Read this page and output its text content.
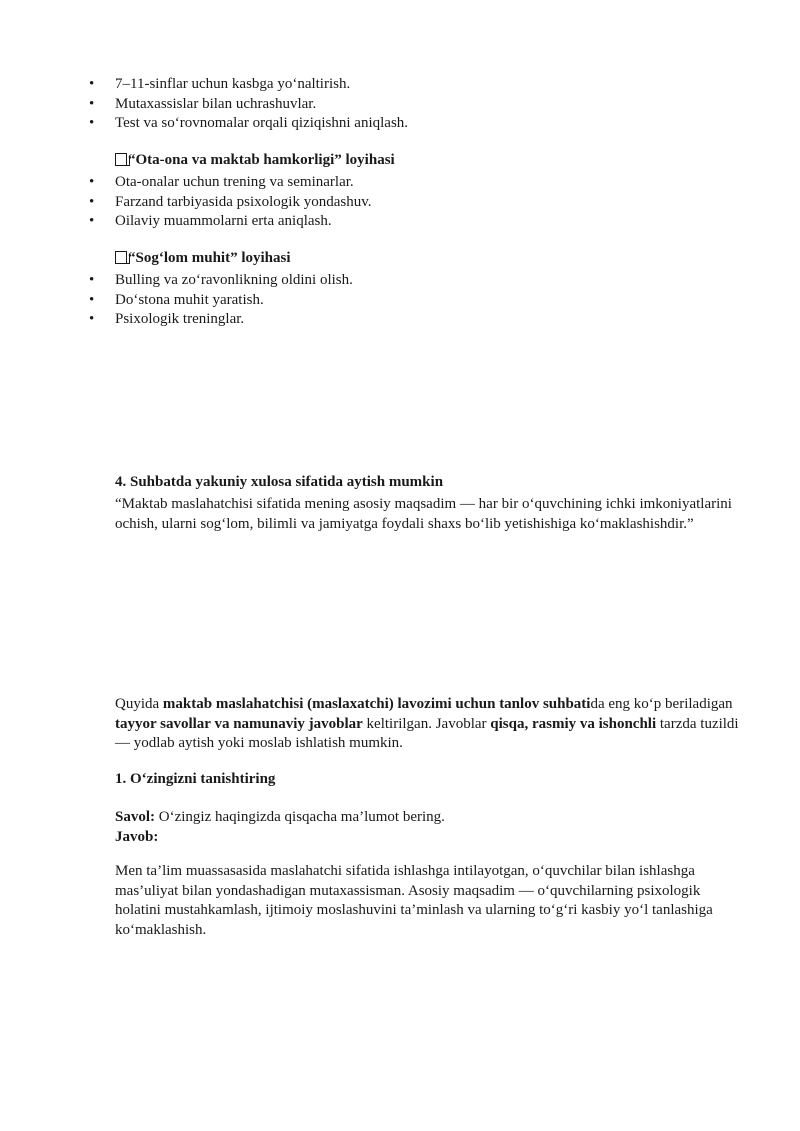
• 7–11-sinflar uchun kasbga yo‘naltirish.
• Mutaxassislar bilan uchrashuvlar.
• Test va so‘rovnomalar orqali qiziqishni aniqlash.
“Ota-ona va maktab hamkorligi” loyihasi
• Ota-onalar uchun trening va seminarlar.
• Farzand tarbiyasida psixologik yondashuv.
• Oilaviy muammolarni erta aniqlash.
“Sog‘lom muhit” loyihasi
• Bulling va zo‘ravonlikning oldini olish.
• Do‘stona muhit yaratish.
• Psixologik treninglar.
4. Suhbatda yakuniy xulosa sifatida aytish mumkin
“Maktab maslahatchisi sifatida mening asosiy maqsadim — har bir o‘quvchining ichki imkoniyatlarini ochish, ularni sog‘lom, bilimli va jamiyatga foydali shaxs bo‘lib yetishishiga ko‘maklashishdir.”
Quyida maktab maslahatchisi (maslaxatchi) lavozimi uchun tanlov suhbatida eng ko‘p beriladigan tayyor savollar va namunaviy javoblar keltirilgan. Javoblar qisqa, rasmiy va ishonchli tarzda tuzildi — yodlab aytish yoki moslab ishlatish mumkin.
1. O‘zingizni tanishtiring
Savol: O‘zingiz haqingizda qisqacha ma’lumot bering.
Javob:
Men ta’lim muassasasida maslahatchi sifatida ishlashga intilayotgan, o‘quvchilar bilan ishlashga mas’uliyat bilan yondashadigan mutaxassisman. Asosiy maqsadim — o‘quvchilarning psixologik holatini mustahkamlash, ijtimoiy moslashuvini ta’minlash va ularning to‘g‘ri kasbiy yo‘l tanlashiga ko‘maklashish.
